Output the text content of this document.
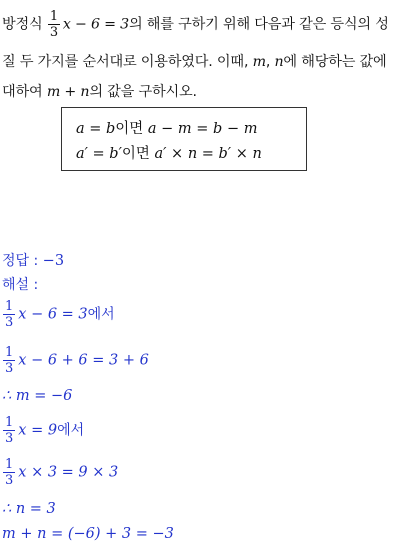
방정식 $\frac{1}{3}$ x − 6 = 3의 해를 구하기 위해 다음과 같은 등식의 성
질 두 가지를 순서대로 이용하였다. 이때, m, n에 해당하는 값에
대하여 m + n의 값을 구하시오.
a = b이면 a − m = b − m
a′ = b′이면 a′ × n = b′ × n
정답 : −3
해설 :
$\frac{1}{3}$ x − 6 = 3에서
$\frac{1}{3}$ x − 6 + 6 = 3 + 6
∴ m = −6
$\frac{1}{3}$ x = 9에서
$\frac{1}{3}$ x × 3 = 9 × 3
∴ n = 3
m + n = (−6) + 3 = −3
